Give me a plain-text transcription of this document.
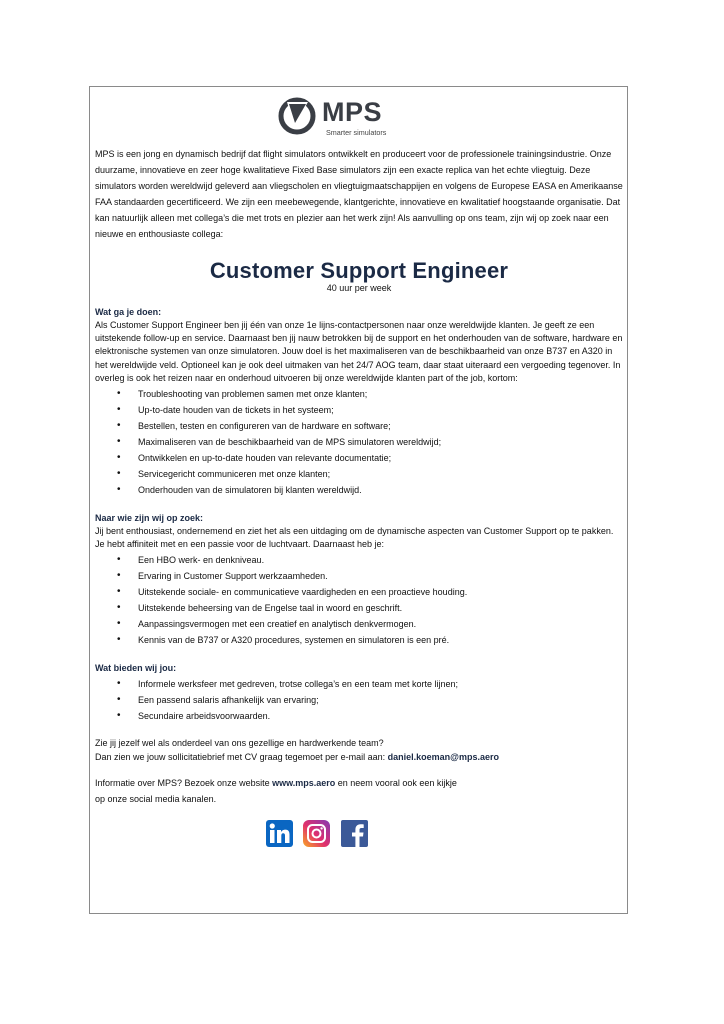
MPS
Smarter simulators

MPS is een jong en dynamisch bedrijf dat flight simulators ontwikkelt en produceert voor de professionele trainingsindustrie. Onze duurzame, innovatieve en zeer hoge kwalitatieve Fixed Base simulators zijn een exacte replica van het echte vliegtuig. Deze simulators worden wereldwijd geleverd aan vliegscholen en vliegtuigmaatschappijen en volgens de Europese EASA en Amerikaanse FAA standaarden gecertificeerd. We zijn een meebewegende, klantgerichte, innovatieve en kwalitatief hoogstaande organisatie. Dat kan natuurlijk alleen met collega’s die met trots en plezier aan het werk zijn! Als aanvulling op ons team, zijn wij op zoek naar een nieuwe en enthousiaste collega:

Customer Support Engineer
40 uur per week
Wat ga je doen:

Als Customer Support Engineer ben jij één van onze 1e lijns-contactpersonen naar onze wereldwijde klanten. Je geeft ze een uitstekende follow-up en service. Daarnaast ben jij nauw betrokken bij de support en het onderhouden van de software, hardware en elektronische systemen van onze simulatoren. Jouw doel is het maximaliseren van de beschikbaarheid van onze B737 en A320 in het wereldwijde veld. Optioneel kan je ook deel uitmaken van het 24/7 AOG team, daar staat uiteraard een vergoeding tegenover. In overleg is ook het reizen naar en onderhoud uitvoeren bij onze wereldwijde klanten part of the job, kortom:

• Troubleshooting van problemen samen met onze klanten;
• Up-to-date houden van de tickets in het systeem;
• Bestellen, testen en configureren van de hardware en software;
• Maximaliseren van de beschikbaarheid van de MPS simulatoren wereldwijd;
• Ontwikkelen en up-to-date houden van relevante documentatie;
• Servicegericht communiceren met onze klanten;
• Onderhouden van de simulatoren bij klanten wereldwijd.
Naar wie zijn wij op zoek:

Jij bent enthousiast, ondernemend en ziet het als een uitdaging om de dynamische aspecten van Customer Support op te pakken. Je hebt affiniteit met en een passie voor de luchtvaart. Daarnaast heb je:

• Een HBO werk- en denkniveau.
• Ervaring in Customer Support werkzaamheden.
• Uitstekende sociale- en communicatieve vaardigheden en een proactieve houding.
• Uitstekende beheersing van de Engelse taal in woord en geschrift.
• Aanpassingsvermogen met een creatief en analytisch denkvermogen.
• Kennis van de B737 or A320 procedures, systemen en simulatoren is een pré.
Wat bieden wij jou:
• Informele werksfeer met gedreven, trotse collega’s en een team met korte lijnen;
• Een passend salaris afhankelijk van ervaring;
• Secundaire arbeidsvoorwaarden.

Zie jij jezelf wel als onderdeel van ons gezellige en hardwerkende team?

Dan zien we jouw sollicitatiebrief met CV graag tegemoet per e-mail aan: daniel.koeman@mps.aero

Informatie over MPS? Bezoek onze website www.mps.aero en neem vooral ook een kijkje

op onze social media kanalen.
